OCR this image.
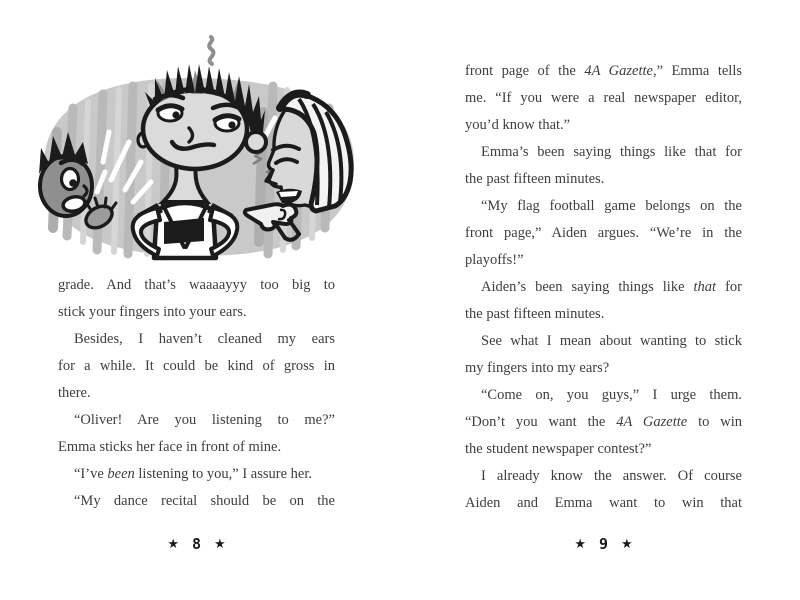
grade. And that’s waaaayyy too big to
stick your fingers into your ears.
Besides, I haven’t cleaned my ears
for a while. It could be kind of gross in
there.
“Oliver! Are you listening to me?”
Emma sticks her face in front of mine.
“I’ve been listening to you,” I assure her.
“My dance recital should be on the
★ 8 ★
front page of the 4A Gazette,” Emma tells
me. “If you were a real newspaper editor,
you’d know that.”
Emma’s been saying things like that for
the past fifteen minutes.
“My flag football game belongs on the
front page,” Aiden argues. “We’re in the
playoffs!”
Aiden’s been saying things like that for
the past fifteen minutes.
See what I mean about wanting to stick
my fingers into my ears?
“Come on, you guys,” I urge them.
“Don’t you want the 4A Gazette to win
the student newspaper contest?”
I already know the answer. Of course
Aiden and Emma want to win that
★ 9 ★
